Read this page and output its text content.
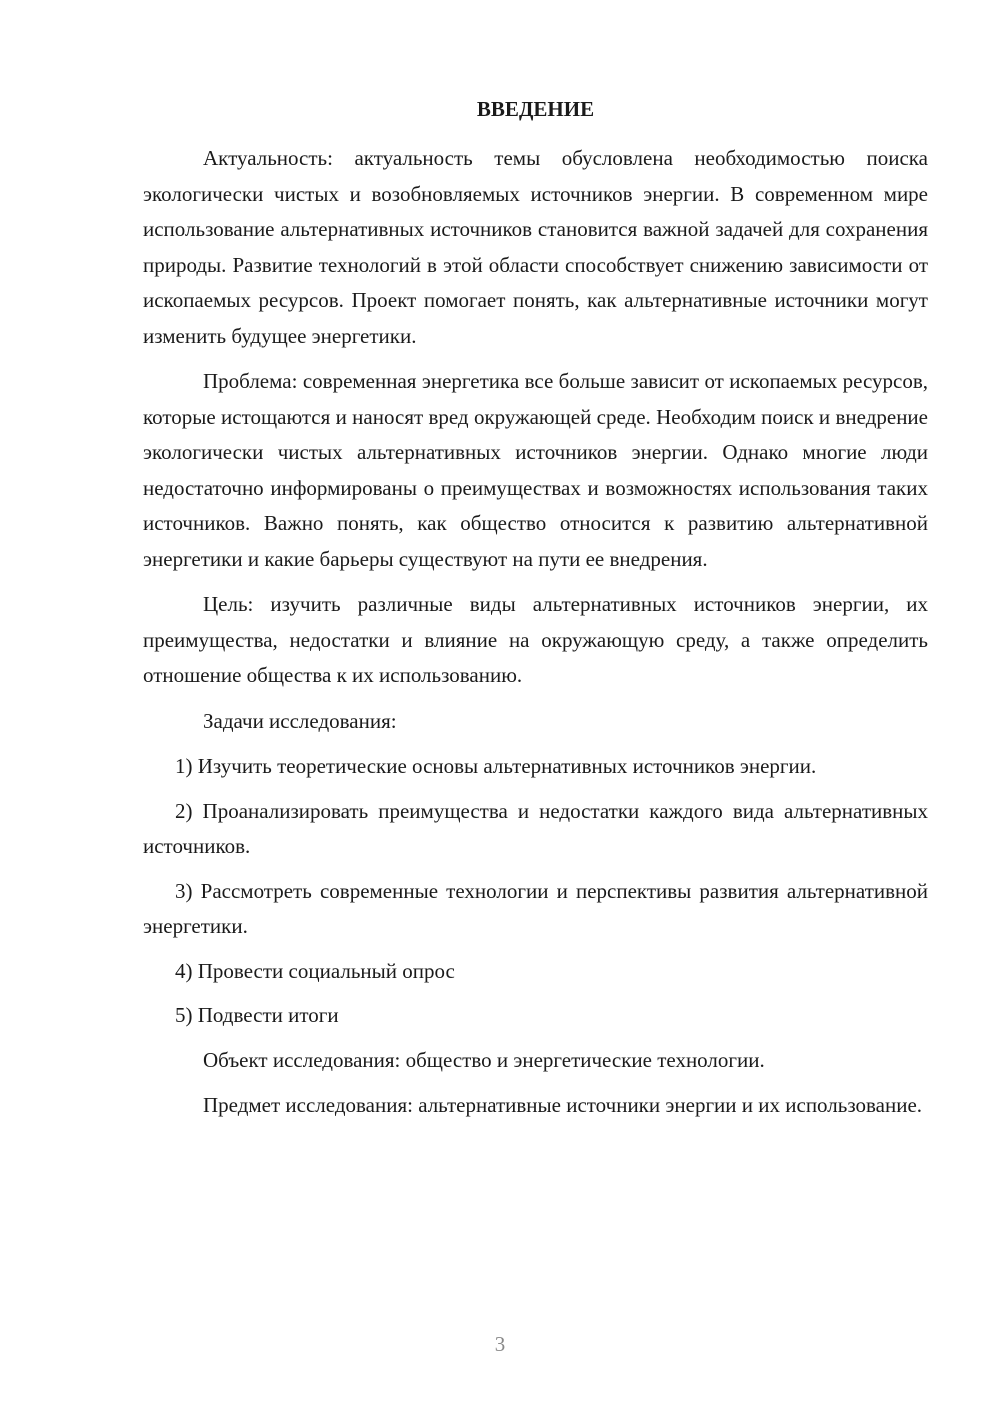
ВВЕДЕНИЕ

Актуальность: актуальность темы обусловлена необходимостью поиска экологически чистых и возобновляемых источников энергии. В современном мире использование альтернативных источников становится важной задачей для сохранения природы. Развитие технологий в этой области способствует снижению зависимости от ископаемых ресурсов. Проект помогает понять, как альтернативные источники могут изменить будущее энергетики.

Проблема: современная энергетика все больше зависит от ископаемых ресурсов, которые истощаются и наносят вред окружающей среде. Необходим поиск и внедрение экологически чистых альтернативных источников энергии. Однако многие люди недостаточно информированы о преимуществах и возможностях использования таких источников. Важно понять, как общество относится к развитию альтернативной энергетики и какие барьеры существуют на пути ее внедрения.

Цель: изучить различные виды альтернативных источников энергии, их преимущества, недостатки и влияние на окружающую среду, а также определить отношение общества к их использованию.

Задачи исследования:

1) Изучить теоретические основы альтернативных источников энергии.

2) Проанализировать преимущества и недостатки каждого вида альтернативных источников.

3) Рассмотреть современные технологии и перспективы развития альтернативной энергетики.

4) Провести социальный опрос

5) Подвести итоги

Объект исследования: общество и энергетические технологии.

Предмет исследования: альтернативные источники энергии и их использование.

3
